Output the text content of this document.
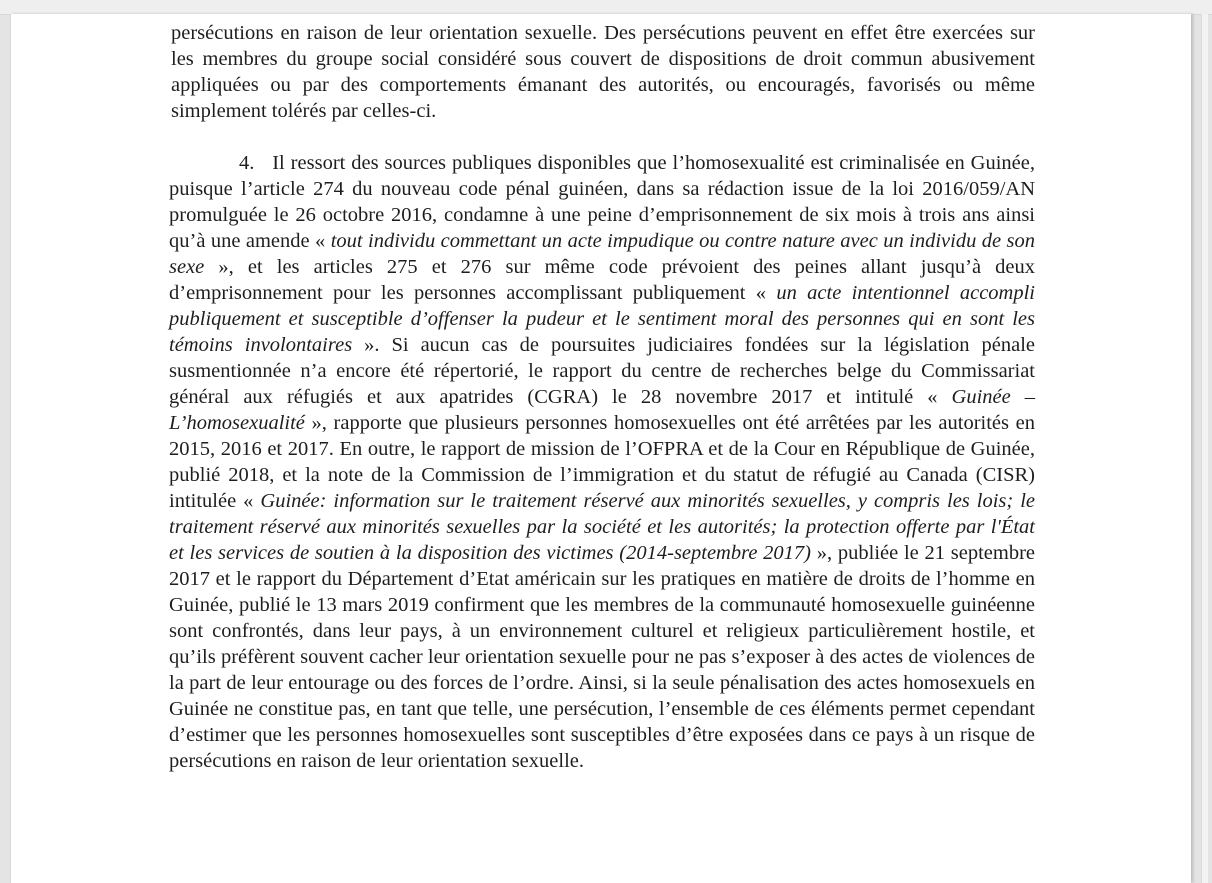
persécutions en raison de leur orientation sexuelle. Des persécutions peuvent en effet être exercées sur les membres du groupe social considéré sous couvert de dispositions de droit commun abusivement appliquées ou par des comportements émanant des autorités, ou encouragés, favorisés ou même simplement tolérés par celles-ci.

4. Il ressort des sources publiques disponibles que l’homosexualité est criminalisée en Guinée, puisque l’article 274 du nouveau code pénal guinéen, dans sa rédaction issue de la loi 2016/059/AN promulguée le 26 octobre 2016, condamne à une peine d’emprisonnement de six mois à trois ans ainsi qu’à une amende « tout individu commettant un acte impudique ou contre nature avec un individu de son sexe », et les articles 275 et 276 sur même code prévoient des peines allant jusqu’à deux d’emprisonnement pour les personnes accomplissant publiquement « un acte intentionnel accompli publiquement et susceptible d’offenser la pudeur et le sentiment moral des personnes qui en sont les témoins involontaires ». Si aucun cas de poursuites judiciaires fondées sur la législation pénale susmentionnée n’a encore été répertorié, le rapport du centre de recherches belge du Commissariat général aux réfugiés et aux apatrides (CGRA) le 28 novembre 2017 et intitulé « Guinée – L’homosexualité », rapporte que plusieurs personnes homosexuelles ont été arrêtées par les autorités en 2015, 2016 et 2017. En outre, le rapport de mission de l’OFPRA et de la Cour en République de Guinée, publié 2018, et la note de la Commission de l’immigration et du statut de réfugié au Canada (CISR) intitulée « Guinée: information sur le traitement réservé aux minorités sexuelles, y compris les lois; le traitement réservé aux minorités sexuelles par la société et les autorités; la protection offerte par l'État et les services de soutien à la disposition des victimes (2014-septembre 2017) », publiée le 21 septembre 2017 et le rapport du Département d’Etat américain sur les pratiques en matière de droits de l’homme en Guinée, publié le 13 mars 2019 confirment que les membres de la communauté homosexuelle guinéenne sont confrontés, dans leur pays, à un environnement culturel et religieux particulièrement hostile, et qu’ils préfèrent souvent cacher leur orientation sexuelle pour ne pas s’exposer à des actes de violences de la part de leur entourage ou des forces de l’ordre. Ainsi, si la seule pénalisation des actes homosexuels en Guinée ne constitue pas, en tant que telle, une persécution, l’ensemble de ces éléments permet cependant d’estimer que les personnes homosexuelles sont susceptibles d’être exposées dans ce pays à un risque de persécutions en raison de leur orientation sexuelle.
